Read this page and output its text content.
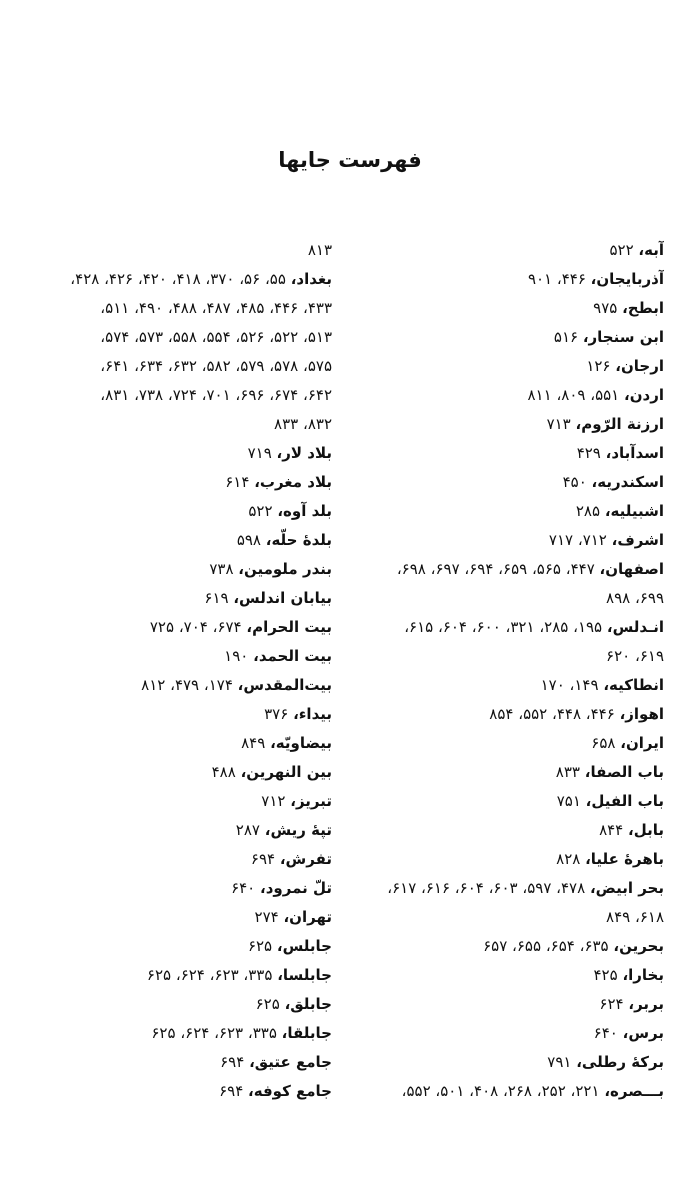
فهرست جایها
آبه، ۵۲۲
آذربایجان، ۴۴۶، ۹۰۱
ابطح، ۹۷۵
ابن سنجار، ۵۱۶
ارجان، ۱۲۶
اردن، ۵۵۱، ۸۰۹، ۸۱۱
ارزنة الرّوم، ۷۱۳
اسدآباد، ۴۲۹
اسکندریه، ۴۵۰
اشبیلیه، ۲۸۵
اشرف، ۷۱۲، ۷۱۷
اصفهان، ۴۴۷، ۵۶۵، ۶۵۹، ۶۹۴، ۶۹۷، ۶۹۸،
۶۹۹، ۸۹۸
انـدلس، ۱۹۵، ۲۸۵، ۳۲۱، ۶۰۰، ۶۰۴، ۶۱۵،
۶۱۹، ۶۲۰
انطاکیه، ۱۴۹، ۱۷۰
اهواز، ۴۴۶، ۴۴۸، ۵۵۲، ۸۵۴
ایران، ۶۵۸
باب الصفا، ۸۳۳
باب الفیل، ۷۵۱
بابل، ۸۴۴
باهرهٔ علیا، ۸۲۸
بحر ابیض، ۴۷۸، ۵۹۷، ۶۰۳، ۶۰۴، ۶۱۶، ۶۱۷،
۶۱۸، ۸۴۹
بحرین، ۶۳۵، ۶۵۴، ۶۵۵، ۶۵۷
بخارا، ۴۲۵
بربر، ۶۲۴
برس، ۶۴۰
برکهٔ رطلی، ۷۹۱
بـــصره، ۲۲۱، ۲۵۲، ۲۶۸، ۴۰۸، ۵۰۱، ۵۵۲،
۸۱۳
بغداد، ۵۵، ۵۶، ۳۷۰، ۴۱۸، ۴۲۰، ۴۲۶، ۴۲۸،
۴۳۳، ۴۴۶، ۴۸۵، ۴۸۷، ۴۸۸، ۴۹۰، ۵۱۱،
۵۱۳، ۵۲۲، ۵۲۶، ۵۵۴، ۵۵۸، ۵۷۳، ۵۷۴،
۵۷۵، ۵۷۸، ۵۷۹، ۵۸۲، ۶۳۲، ۶۳۴، ۶۴۱،
۶۴۲، ۶۷۴، ۶۹۶، ۷۰۱، ۷۲۴، ۷۳۸، ۸۳۱،
۸۳۲، ۸۳۳
بلاد لار، ۷۱۹
بلاد مغرب، ۶۱۴
بلد آوه، ۵۲۲
بلدهٔ حلّه، ۵۹۸
بندر ملومین، ۷۳۸
بیابان اندلس، ۶۱۹
بیت الحرام، ۶۷۴، ۷۰۴، ۷۲۵
بیت الحمد، ۱۹۰
بیت‌المقدس، ۱۷۴، ۴۷۹، ۸۱۲
بیداء، ۳۷۶
بیضاویّه، ۸۴۹
بین النهرین، ۴۸۸
تبریز، ۷۱۲
تپهٔ ریش، ۲۸۷
تفرش، ۶۹۴
تلّ نمرود، ۶۴۰
تهران، ۲۷۴
جابلس، ۶۲۵
جابلسا، ۳۳۵، ۶۲۳، ۶۲۴، ۶۲۵
جابلق، ۶۲۵
جابلقا، ۳۳۵، ۶۲۳، ۶۲۴، ۶۲۵
جامع عتیق، ۶۹۴
جامع کوفه، ۶۹۴
